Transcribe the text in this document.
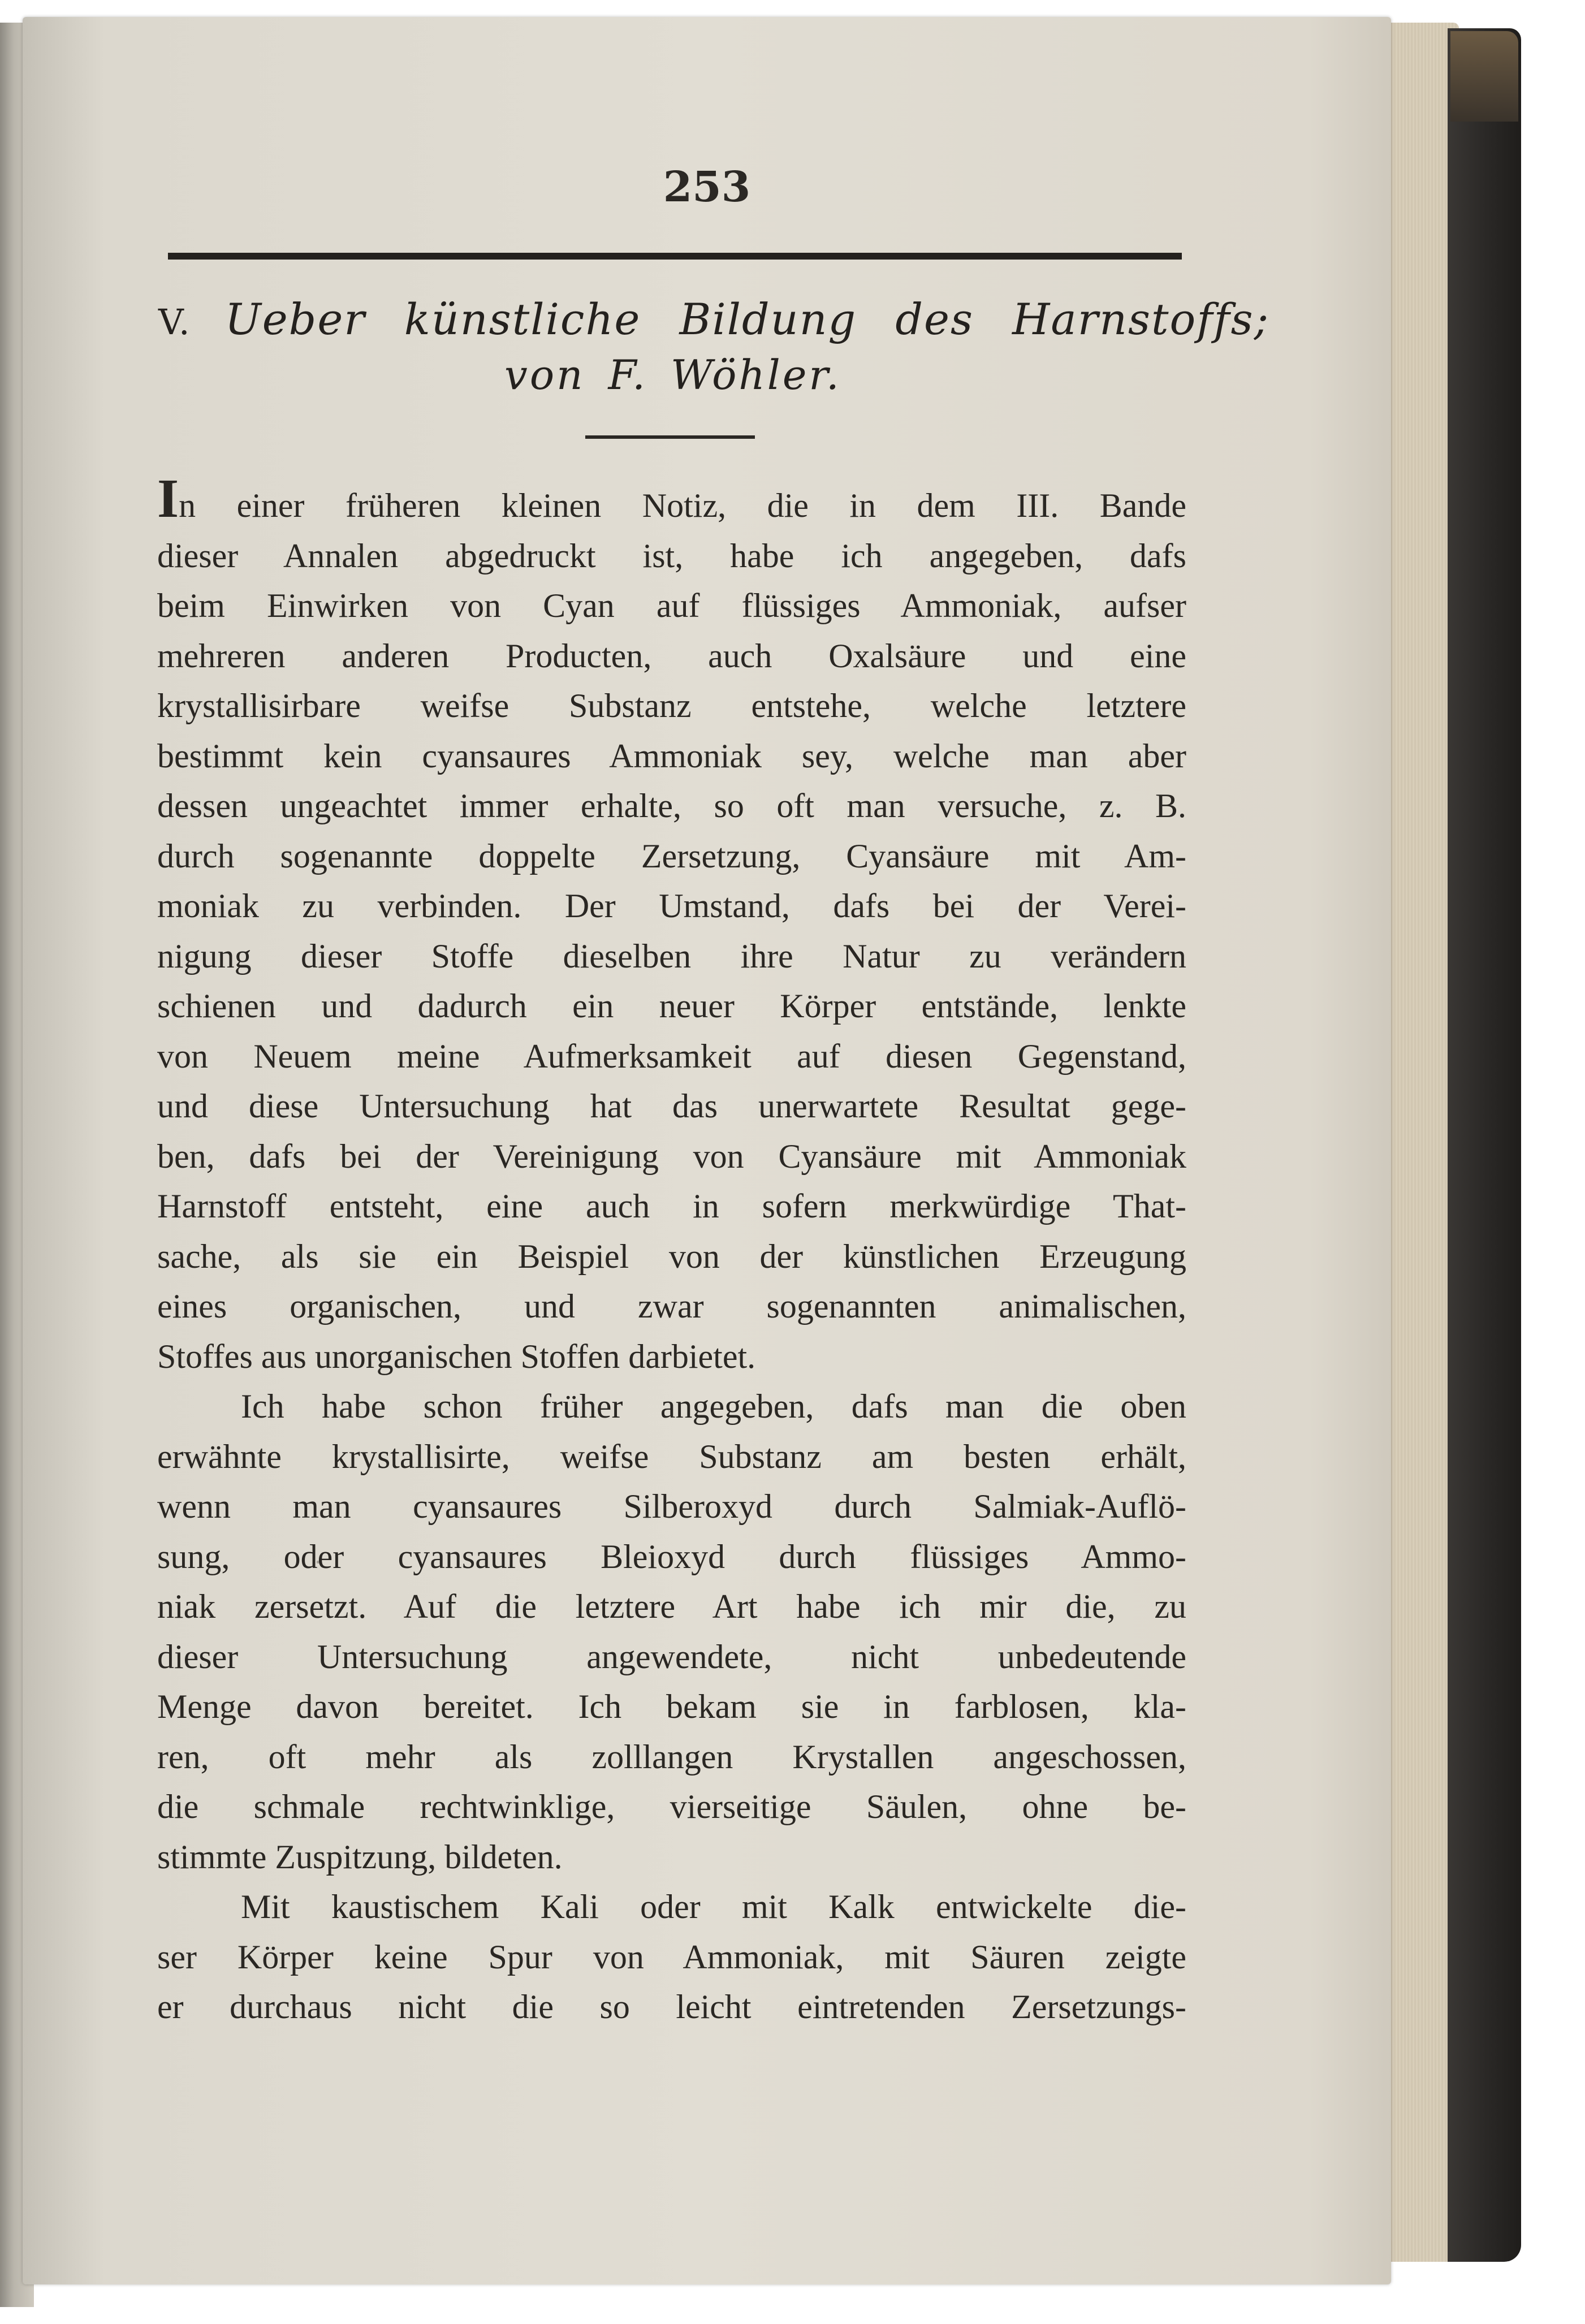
253
V. Ueber künstliche Bildung des Harnstoffs;
von F. Wöhler.

In einer früheren kleinen Notiz, die in dem III. Bande
dieser Annalen abgedruckt ist, habe ich angegeben, dafs
beim Einwirken von Cyan auf flüssiges Ammoniak, aufser
mehreren anderen Producten, auch Oxalsäure und eine
krystallisirbare weifse Substanz entstehe, welche letztere
bestimmt kein cyansaures Ammoniak sey, welche man aber
dessen ungeachtet immer erhalte, so oft man versuche, z. B.
durch sogenannte doppelte Zersetzung, Cyansäure mit Am-
moniak zu verbinden. Der Umstand, dafs bei der Verei-
nigung dieser Stoffe dieselben ihre Natur zu verändern
schienen und dadurch ein neuer Körper entstände, lenkte
von Neuem meine Aufmerksamkeit auf diesen Gegenstand,
und diese Untersuchung hat das unerwartete Resultat gege-
ben, dafs bei der Vereinigung von Cyansäure mit Ammoniak
Harnstoff entsteht, eine auch in sofern merkwürdige That-
sache, als sie ein Beispiel von der künstlichen Erzeugung
eines organischen, und zwar sogenannten animalischen,
Stoffes aus unorganischen Stoffen darbietet.

Ich habe schon früher angegeben, dafs man die oben
erwähnte krystallisirte, weifse Substanz am besten erhält,
wenn man cyansaures Silberoxyd durch Salmiak-Auflö-
sung, oder cyansaures Bleioxyd durch flüssiges Ammo-
niak zersetzt. Auf die letztere Art habe ich mir die, zu
dieser Untersuchung angewendete, nicht unbedeutende
Menge davon bereitet. Ich bekam sie in farblosen, kla-
ren, oft mehr als zolllangen Krystallen angeschossen,
die schmale rechtwinklige, vierseitige Säulen, ohne be-
stimmte Zuspitzung, bildeten.

Mit kaustischem Kali oder mit Kalk entwickelte die-
ser Körper keine Spur von Ammoniak, mit Säuren zeigte
er durchaus nicht die so leicht eintretenden Zersetzungs-
